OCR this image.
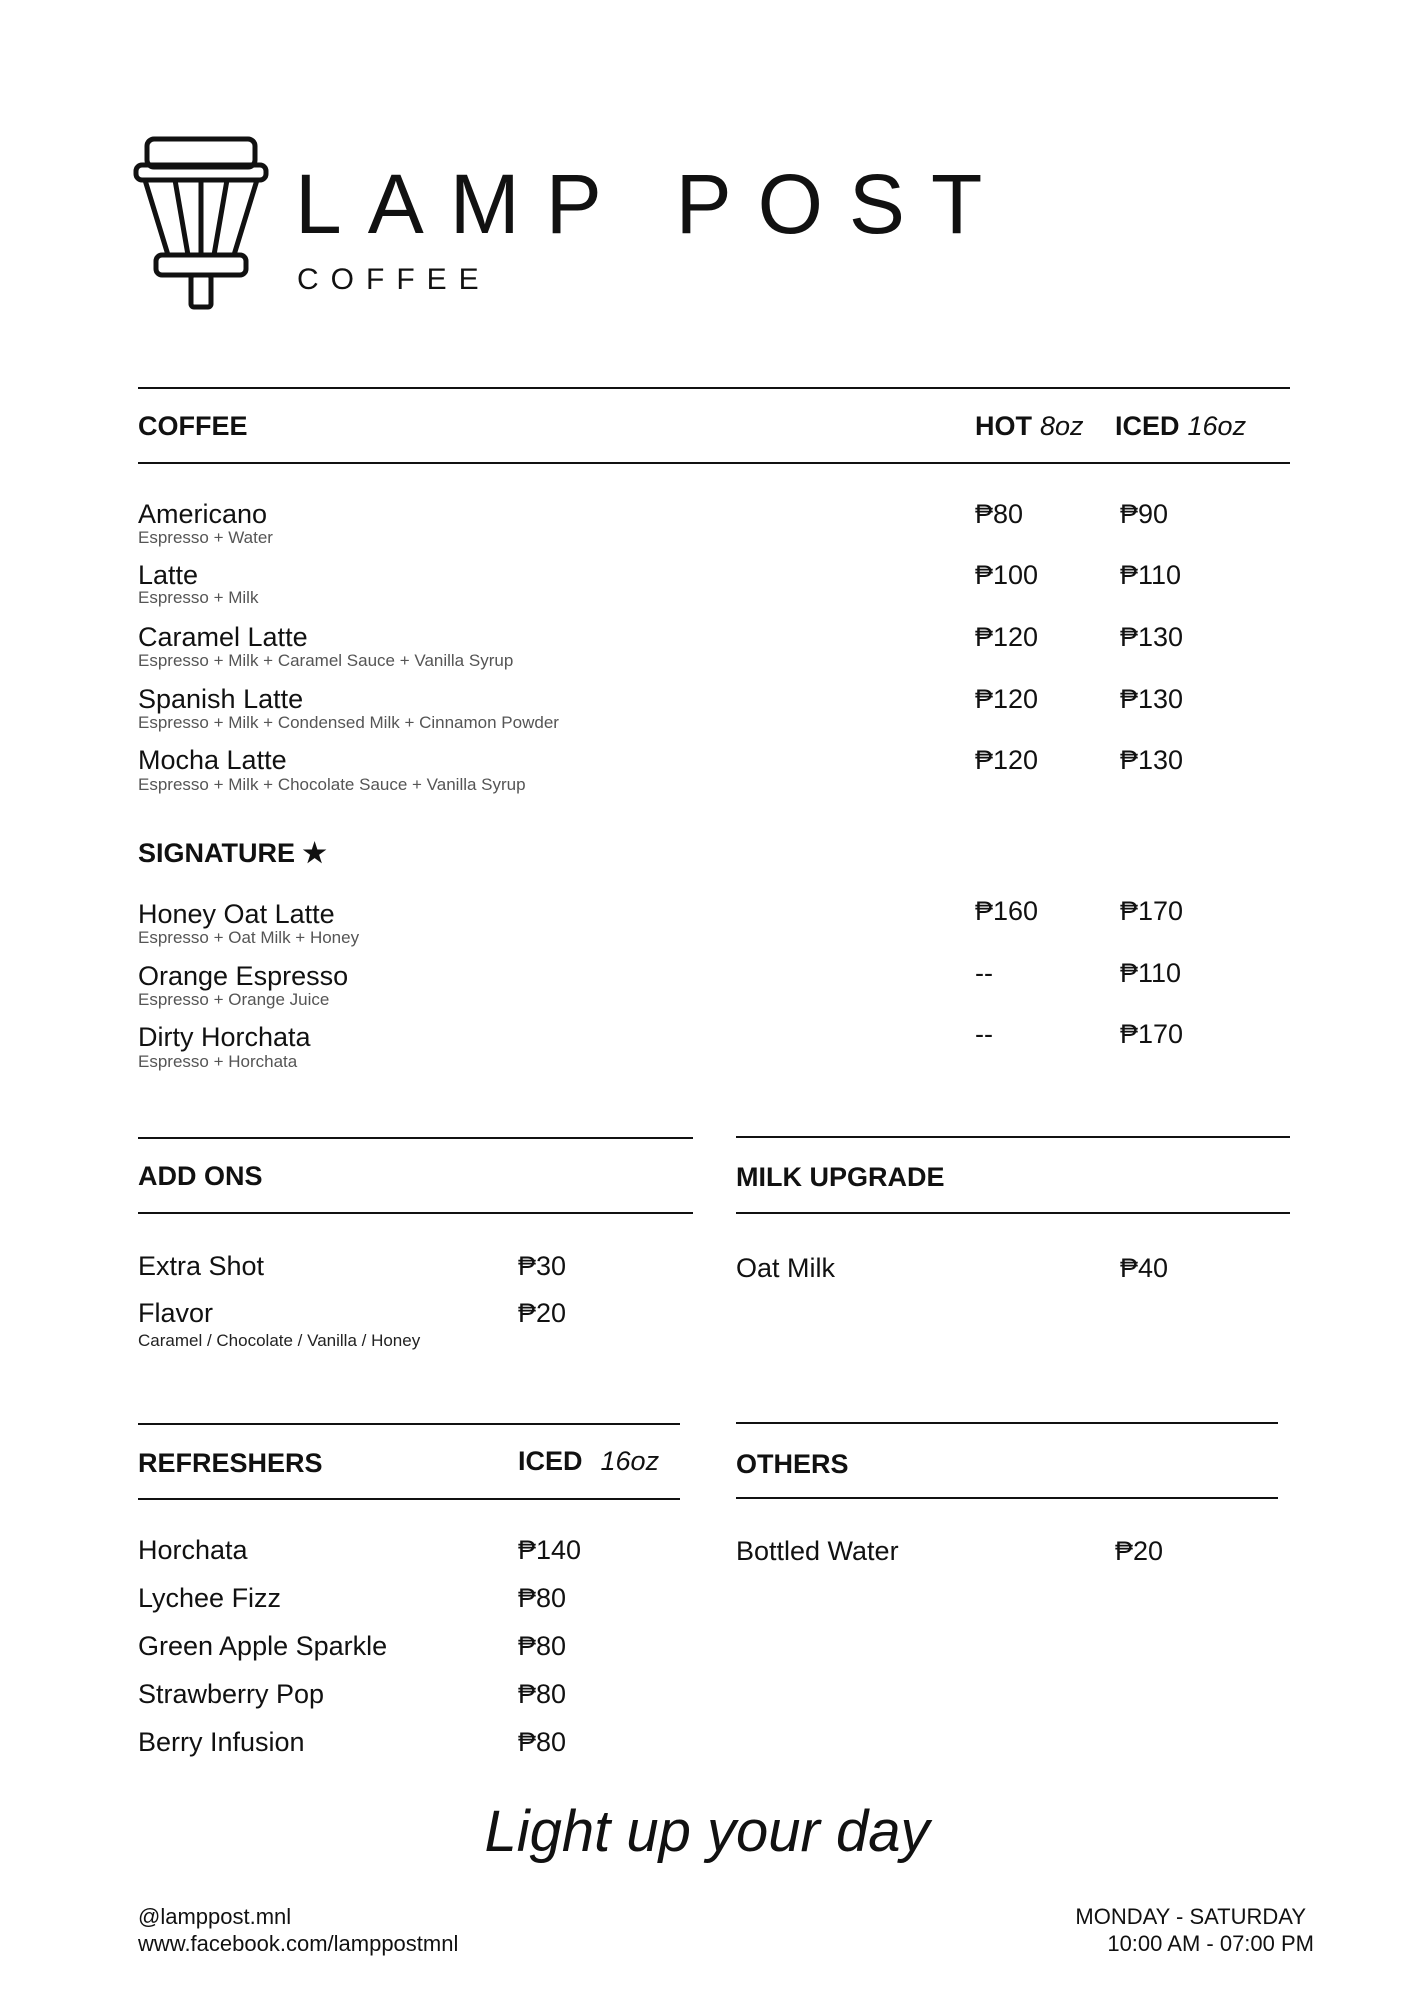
LAMP POST
COFFEE
COFFEE	HOT 8oz ICED 16oz
Americano
Espresso + Water
₱80	₱90
Latte
Espresso + Milk
₱100	₱110
Caramel Latte
Espresso + Milk + Caramel Sauce + Vanilla Syrup
₱120	₱130
Spanish Latte
Espresso + Milk + Condensed Milk + Cinnamon Powder
₱120	₱130
Mocha Latte
Espresso + Milk + Chocolate Sauce + Vanilla Syrup
₱120	₱130
SIGNATURE ★
Honey Oat Latte
Espresso + Oat Milk + Honey
₱160	₱170
Orange Espresso
Espresso + Orange Juice
--	₱110
Dirty Horchata
Espresso + Horchata
--	₱170
ADD ONS
Extra Shot	₱30
Flavor	₱20
Caramel / Chocolate / Vanilla / Honey
MILK UPGRADE
Oat Milk	₱40
REFRESHERS	ICED 16oz
Horchata	₱140
Lychee Fizz	₱80
Green Apple Sparkle	₱80
Strawberry Pop	₱80
Berry Infusion	₱80
OTHERS
Bottled Water	₱20
Light up your day
@lamppost.mnl
www.facebook.com/lamppostmnl
MONDAY - SATURDAY
10:00 AM - 07:00 PM
